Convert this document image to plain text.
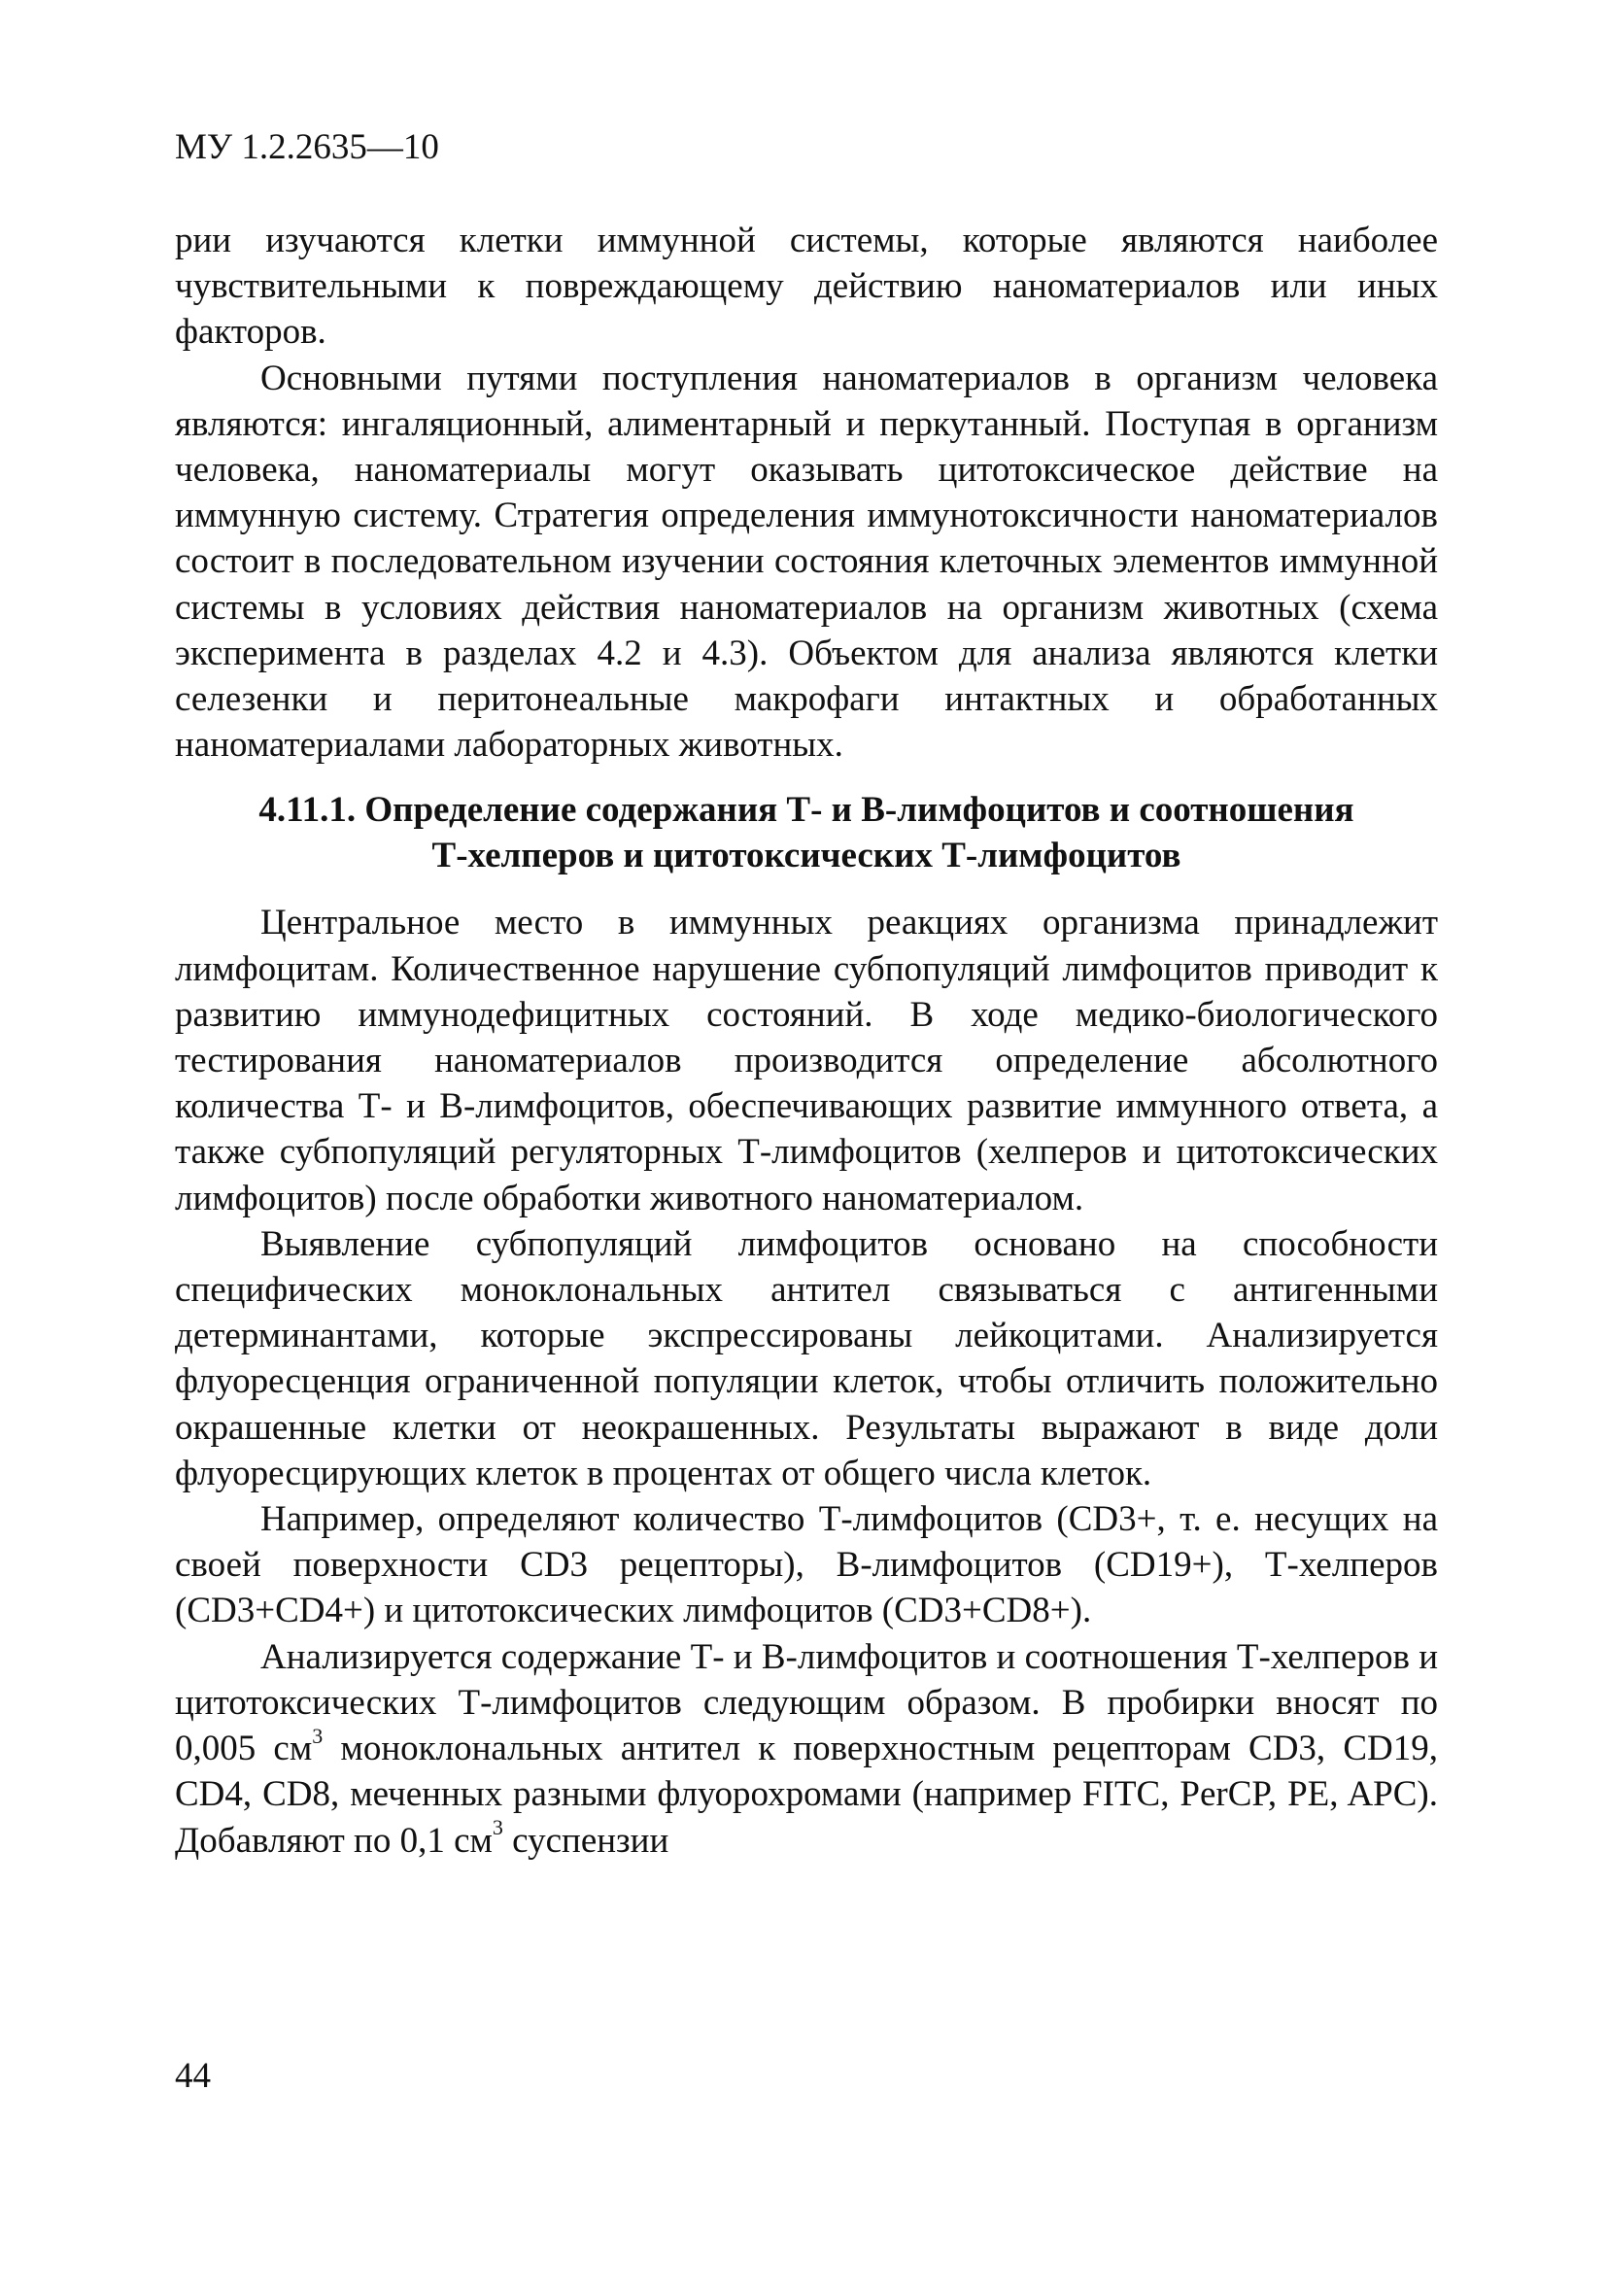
МУ 1.2.2635—10

рии изучаются клетки иммунной системы, которые являются наиболее чувствительными к повреждающему действию наноматериалов или иных факторов.

Основными путями поступления наноматериалов в организм человека являются: ингаляционный, алиментарный и перкутанный. Поступая в организм человека, наноматериалы могут оказывать цитотоксическое действие на иммунную систему. Стратегия определения иммунотоксичности наноматериалов состоит в последовательном изучении состояния клеточных элементов иммунной системы в условиях действия наноматериалов на организм животных (схема эксперимента в разделах 4.2 и 4.3). Объектом для анализа являются клетки селезенки и перитонеальные макрофаги интактных и обработанных наноматериалами лабораторных животных.

4.11.1. Определение содержания Т- и В-лимфоцитов и соотношения
Т-хелперов и цитотоксических Т-лимфоцитов

Центральное место в иммунных реакциях организма принадлежит лимфоцитам. Количественное нарушение субпопуляций лимфоцитов приводит к развитию иммунодефицитных состояний. В ходе медико-биологического тестирования наноматериалов производится определение абсолютного количества Т- и В-лимфоцитов, обеспечивающих развитие иммунного ответа, а также субпопуляций регуляторных Т-лимфоцитов (хелперов и цитотоксических лимфоцитов) после обработки животного наноматериалом.

Выявление субпопуляций лимфоцитов основано на способности специфических моноклональных антител связываться с антигенными детерминантами, которые экспрессированы лейкоцитами. Анализируется флуоресценция ограниченной популяции клеток, чтобы отличить положительно окрашенные клетки от неокрашенных. Результаты выражают в виде доли флуоресцирующих клеток в процентах от общего числа клеток.

Например, определяют количество Т-лимфоцитов (CD3+, т. е. несущих на своей поверхности CD3 рецепторы), В-лимфоцитов (CD19+), Т-хелперов (CD3+CD4+) и цитотоксических лимфоцитов (CD3+CD8+).

Анализируется содержание Т- и В-лимфоцитов и соотношения Т-хелперов и цитотоксических Т-лимфоцитов следующим образом. В пробирки вносят по 0,005 $см^3$ моноклональных антител к поверхностным рецепторам CD3, CD19, CD4, CD8, меченных разными флуорохромами (например FITC, PerCP, PE, APC). Добавляют по 0,1 $см^3$ суспензии

44
